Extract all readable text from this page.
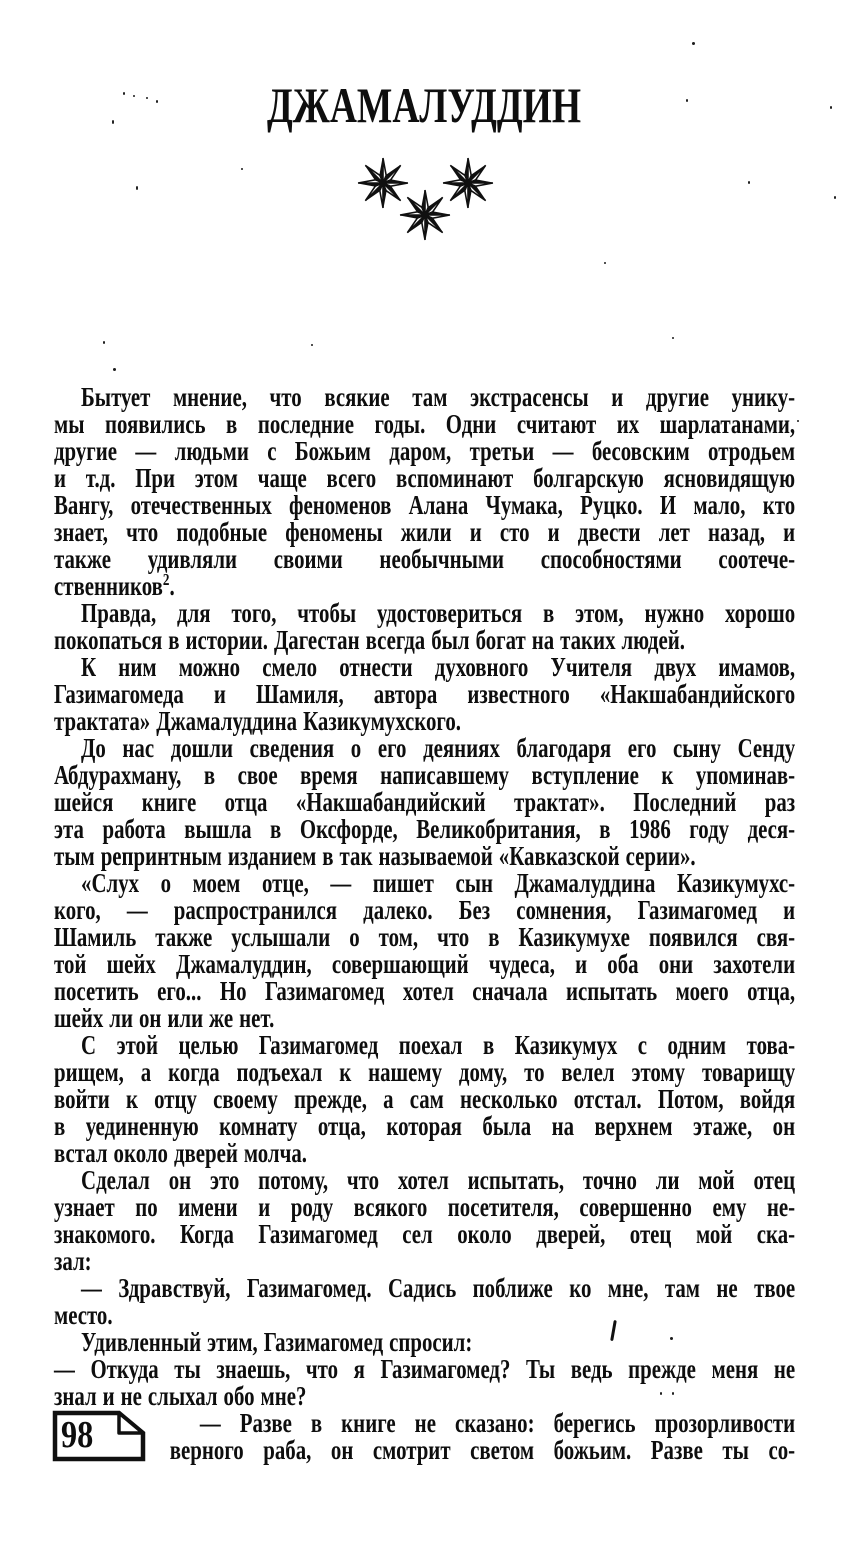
ДЖАМАЛУДДИН
Бытует мнение, что всякие там экстрасенсы и другие унику-
мы появились в последние годы. Одни считают их шарлатанами,
другие — людьми с Божьим даром, третьи — бесовским отродьем
и т.д. При этом чаще всего вспоминают болгарскую ясновидящую
Вангу, отечественных феноменов Алана Чумака, Руцко. И мало, кто
знает, что подобные феномены жили и сто и двести лет назад, и
также удивляли своими необычными способностями соотече-
ственников$^2$.
Правда, для того, чтобы удостовериться в этом, нужно хорошо
покопаться в истории. Дагестан всегда был богат на таких людей.
К ним можно смело отнести духовного Учителя двух имамов,
Газимагомеда и Шамиля, автора известного «Накшабандийского
трактата» Джамалуддина Казикумухского.
До нас дошли сведения о его деяниях благодаря его сыну Сенду
Абдурахману, в свое время написавшему вступление к упоминав-
шейся книге отца «Накшабандийский трактат». Последний раз
эта работа вышла в Оксфорде, Великобритания, в 1986 году деся-
тым репринтным изданием в так называемой «Кавказской серии».
«Слух о моем отце, — пишет сын Джамалуддина Казикумухс-
кого, — распространился далеко. Без сомнения, Газимагомед и
Шамиль также услышали о том, что в Казикумухе появился свя-
той шейх Джамалуддин, совершающий чудеса, и оба они захотели
посетить его... Но Газимагомед хотел сначала испытать моего отца,
шейх ли он или же нет.
С этой целью Газимагомед поехал в Казикумух с одним това-
рищем, а когда подъехал к нашему дому, то велел этому товарищу
войти к отцу своему прежде, а сам несколько отстал. Потом, войдя
в уединенную комнату отца, которая была на верхнем этаже, он
встал около дверей молча.
Сделал он это потому, что хотел испытать, точно ли мой отец
узнает по имени и роду всякого посетителя, совершенно ему не-
знакомого. Когда Газимагомед сел около дверей, отец мой ска-
зал:
— Здравствуй, Газимагомед. Садись поближе ко мне, там не твое
место.
Удивленный этим, Газимагомед спросил:
— Откуда ты знаешь, что я Газимагомед? Ты ведь прежде меня не
знал и не слыхал обо мне?
— Разве в книге не сказано: берегись прозорливости
верного раба, он смотрит светом божьим. Разве ты со-
98
